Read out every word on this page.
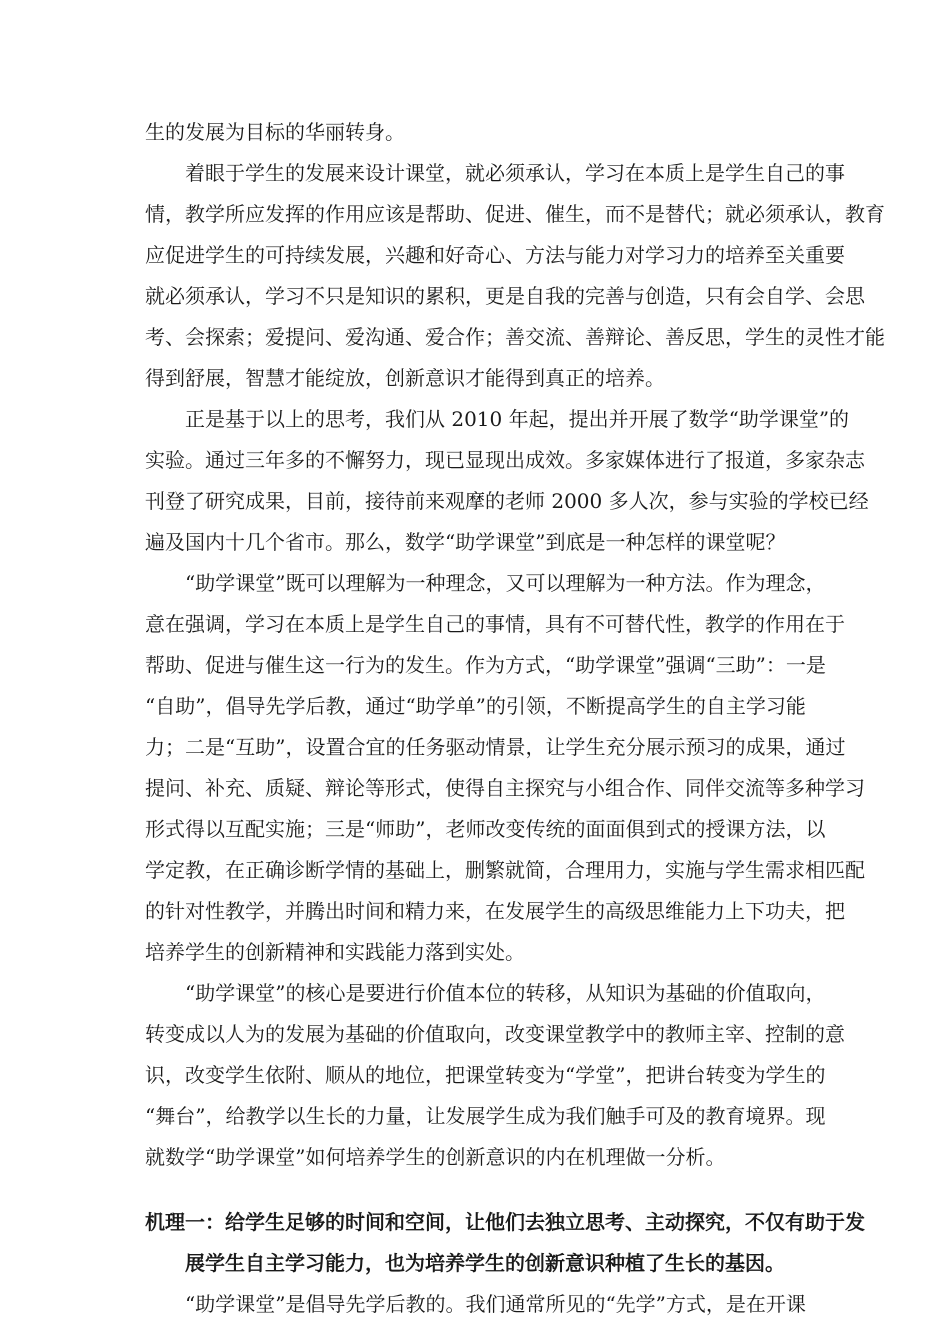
生的发展为目标的华丽转身。
着眼于学生的发展来设计课堂，就必须承认，学习在本质上是学生自己的事
情，教学所应发挥的作用应该是帮助、促进、催生，而不是替代；就必须承认，教育
应促进学生的可持续发展，兴趣和好奇心、方法与能力对学习力的培养至关重要
就必须承认，学习不只是知识的累积，更是自我的完善与创造，只有会自学、会思
考、会探索；爱提问、爱沟通、爱合作；善交流、善辩论、善反思，学生的灵性才能
得到舒展，智慧才能绽放，创新意识才能得到真正的培养。
正是基于以上的思考，我们从 2010 年起，提出并开展了数学“助学课堂”的
实验。通过三年多的不懈努力，现已显现出成效。多家媒体进行了报道，多家杂志
刊登了研究成果，目前，接待前来观摩的老师 2000 多人次，参与实验的学校已经
遍及国内十几个省市。那么，数学“助学课堂”到底是一种怎样的课堂呢？
“助学课堂”既可以理解为一种理念，又可以理解为一种方法。作为理念，
意在强调，学习在本质上是学生自己的事情，具有不可替代性，教学的作用在于
帮助、促进与催生这一行为的发生。作为方式，“助学课堂”强调“三助”：一是
“自助”，倡导先学后教，通过“助学单”的引领，不断提高学生的自主学习能
力；二是“互助”，设置合宜的任务驱动情景，让学生充分展示预习的成果，通过
提问、补充、质疑、辩论等形式，使得自主探究与小组合作、同伴交流等多种学习
形式得以互配实施；三是“师助”，老师改变传统的面面俱到式的授课方法，以
学定教，在正确诊断学情的基础上，删繁就简，合理用力，实施与学生需求相匹配
的针对性教学，并腾出时间和精力来，在发展学生的高级思维能力上下功夫，把
培养学生的创新精神和实践能力落到实处。
“助学课堂”的核心是要进行价值本位的转移，从知识为基础的价值取向，
转变成以人为的发展为基础的价值取向，改变课堂教学中的教师主宰、控制的意
识，改变学生依附、顺从的地位，把课堂转变为“学堂”，把讲台转变为学生的
“舞台”，给教学以生长的力量，让发展学生成为我们触手可及的教育境界。现
就数学“助学课堂”如何培养学生的创新意识的内在机理做一分析。
机理一：给学生足够的时间和空间，让他们去独立思考、主动探究，不仅有助于发
展学生自主学习能力，也为培养学生的创新意识种植了生长的基因。
“助学课堂”是倡导先学后教的。我们通常所见的“先学”方式，是在开课
